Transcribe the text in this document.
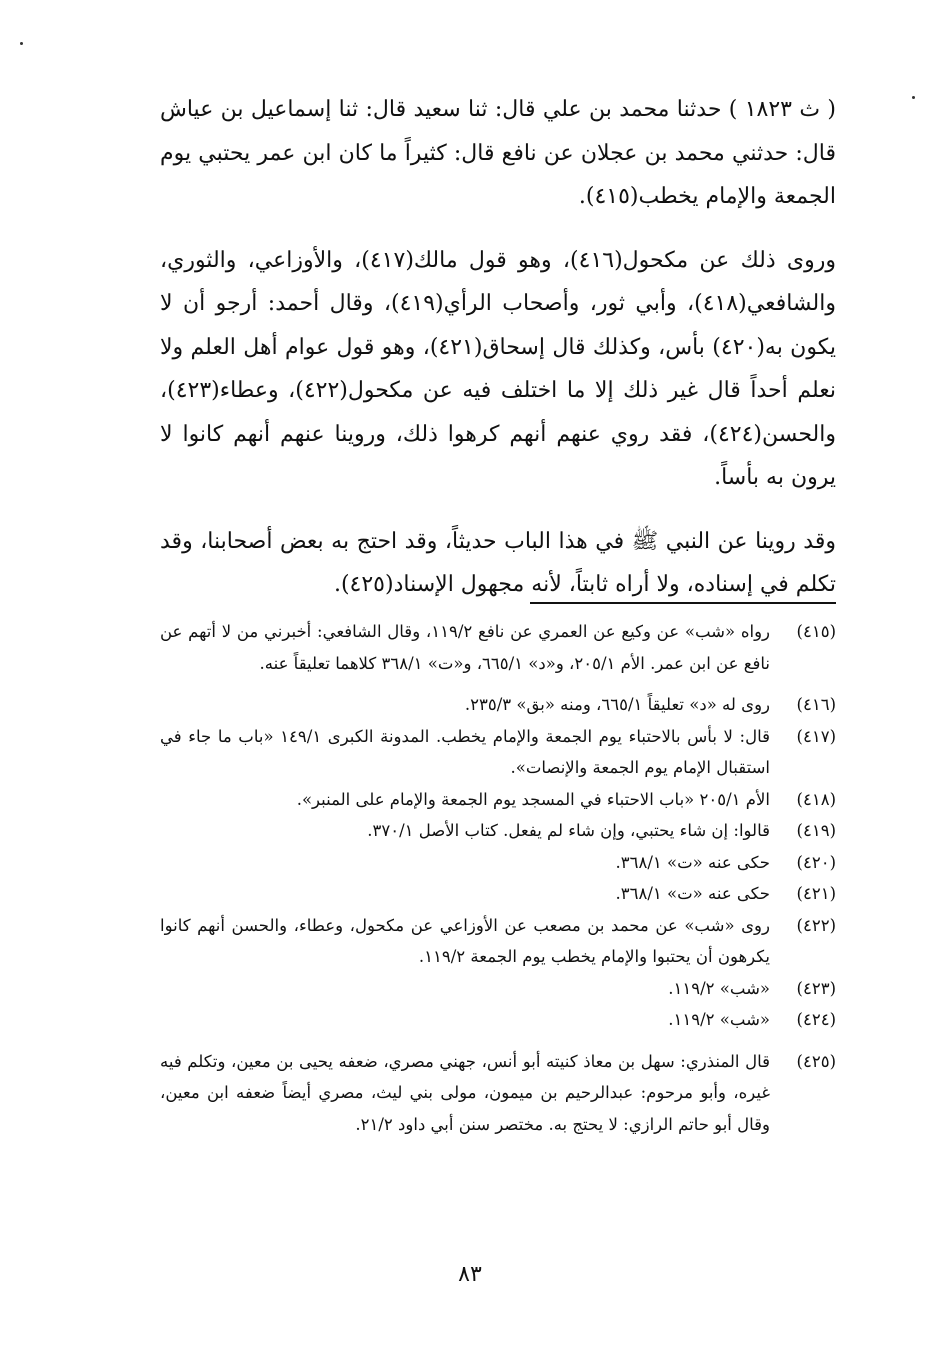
( ث ١٨٢٣ ) حدثنا محمد بن علي قال: ثنا سعيد قال: ثنا إسماعيل بن عياش قال: حدثني محمد بن عجلان عن نافع قال: كثيراً ما كان ابن عمر يحتبي يوم الجمعة والإمام يخطب(٤١٥).

وروى ذلك عن مكحول(٤١٦)، وهو قول مالك(٤١٧)، والأوزاعي، والثوري، والشافعي(٤١٨)، وأبي ثور، وأصحاب الرأي(٤١٩)، وقال أحمد: أرجو أن لا يكون به(٤٢٠) بأس، وكذلك قال إسحاق(٤٢١)، وهو قول عوام أهل العلم ولا نعلم أحداً قال غير ذلك إلا ما اختلف فيه عن مكحول(٤٢٢)، وعطاء(٤٢٣)، والحسن(٤٢٤)، فقد روي عنهم أنهم كرهوا ذلك، وروينا عنهم أنهم كانوا لا يرون به بأساً.

وقد روينا عن النبي ﷺ في هذا الباب حديثاً، وقد احتج به بعض أصحابنا، وقد تكلم في إسناده، ولا أراه ثابتاً، لأنه مجهول الإسناد(٤٢٥).

(٤١٥)
رواه «شب» عن وكيع عن العمري عن نافع ١١٩/٢، وقال الشافعي: أخبرني من لا أتهم عن نافع عن ابن عمر. الأم ٢٠٥/١، و«د» ٦٦٥/١، و«ت» ٣٦٨/١ كلاهما تعليقاً عنه.
(٤١٦)
روى له «د» تعليقاً ٦٦٥/١، ومنه «بق» ٢٣٥/٣.
(٤١٧)
قال: لا بأس بالاحتباء يوم الجمعة والإمام يخطب. المدونة الكبرى ١٤٩/١ «باب ما جاء في استقبال الإمام يوم الجمعة والإنصات».
(٤١٨)
الأم ٢٠٥/١ «باب الاحتباء في المسجد يوم الجمعة والإمام على المنبر».
(٤١٩)
قالوا: إن شاء يحتبي، وإن شاء لم يفعل. كتاب الأصل ٣٧٠/١.
(٤٢٠)
حكى عنه «ت» ٣٦٨/١.
(٤٢١)
حكى عنه «ت» ٣٦٨/١.
(٤٢٢)
روى «شب» عن محمد بن مصعب عن الأوزاعي عن مكحول، وعطاء، والحسن أنهم كانوا يكرهون أن يحتبوا والإمام يخطب يوم الجمعة ١١٩/٢.
(٤٢٣)
«شب» ١١٩/٢.
(٤٢٤)
«شب» ١١٩/٢.
(٤٢٥)
قال المنذري: سهل بن معاذ كنيته أبو أنس، جهني مصري، ضعفه يحيى بن معين، وتكلم فيه غيره، وأبو مرحوم: عبدالرحيم بن ميمون، مولى بني ليث، مصري أيضاً ضعفه ابن معين، وقال أبو حاتم الرازي: لا يحتج به. مختصر سنن أبي داود ٢١/٢.
٨٣
